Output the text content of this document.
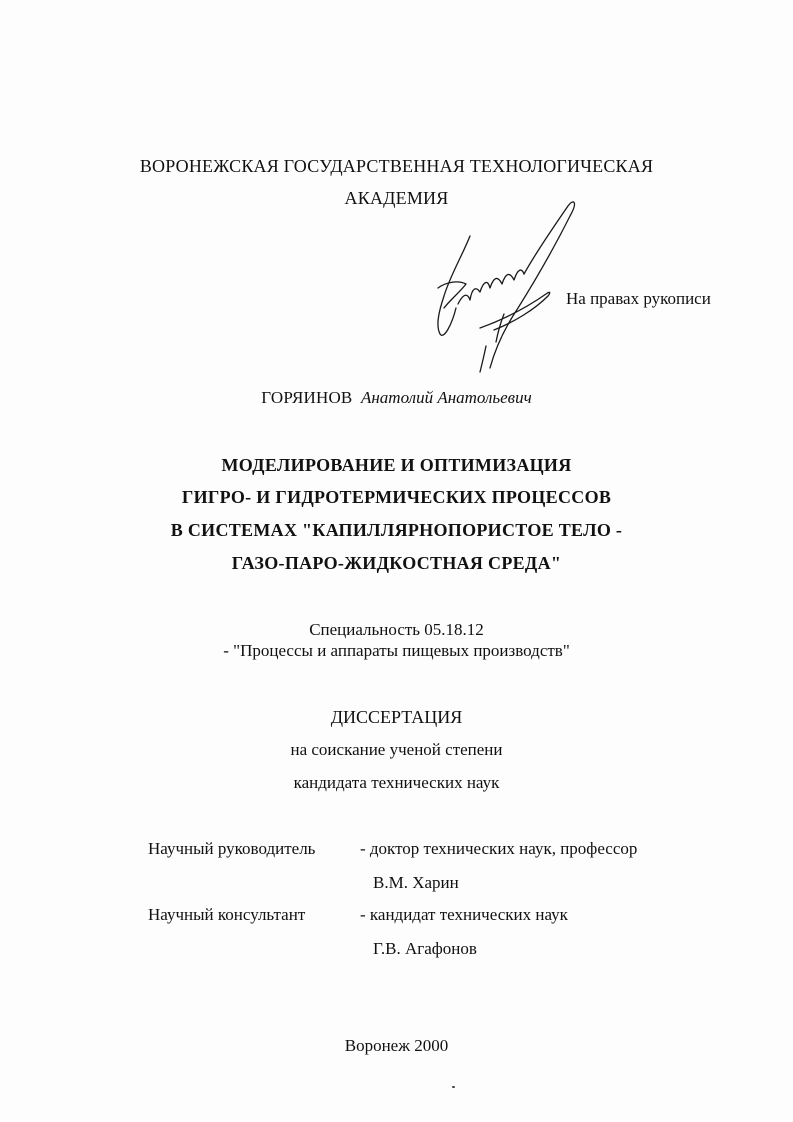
ВОРОНЕЖСКАЯ ГОСУДАРСТВЕННАЯ ТЕХНОЛОГИЧЕСКАЯ
АКАДЕМИЯ
На правах рукописи
ГОРЯИНОВ Анатолий Анатольевич
МОДЕЛИРОВАНИЕ И ОПТИМИЗАЦИЯ
ГИГРО- И ГИДРОТЕРМИЧЕСКИХ ПРОЦЕССОВ
В СИСТЕМАХ "КАПИЛЛЯРНОПОРИСТОЕ ТЕЛО -
ГАЗО-ПАРО-ЖИДКОСТНАЯ СРЕДА"
Специальность 05.18.12
- "Процессы и аппараты пищевых производств"
ДИССЕРТАЦИЯ
на соискание ученой степени
кандидата технических наук
Научный руководитель	- доктор технических наук, профессор
В.М. Харин
Научный консультант	- кандидат технических наук
Г.В. Агафонов
Воронеж 2000
